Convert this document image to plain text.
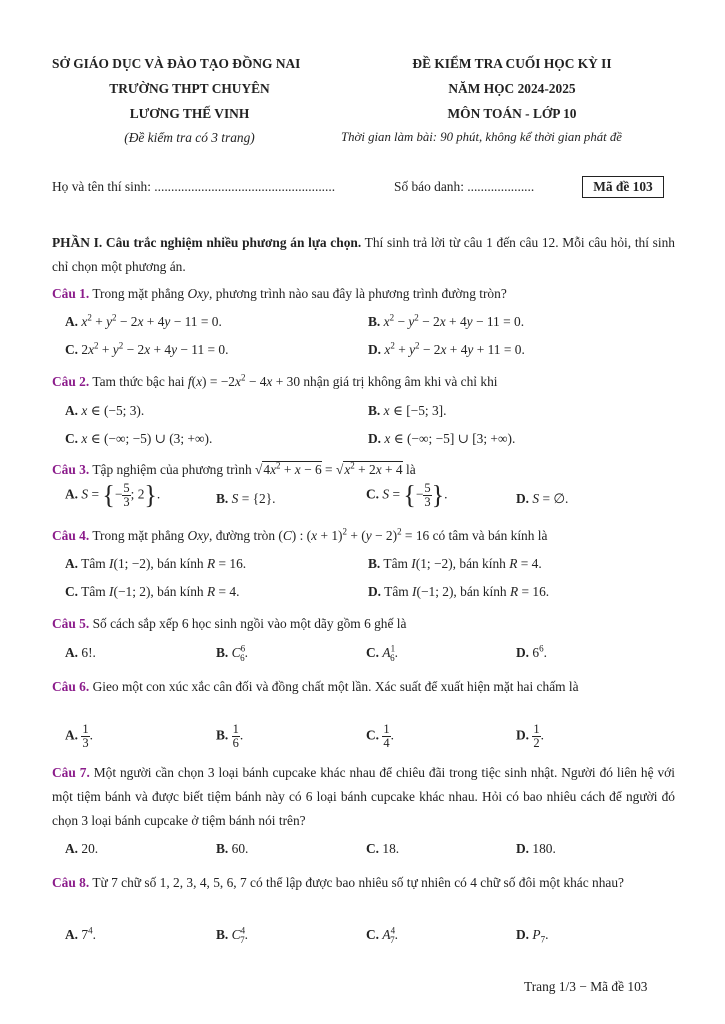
SỞ GIÁO DỤC VÀ ĐÀO TẠO ĐỒNG NAI
TRƯỜNG THPT CHUYÊN
LƯƠNG THẾ VINH
(Đề kiểm tra có 3 trang)
ĐỀ KIỂM TRA CUỐI HỌC KỲ II
NĂM HỌC 2024-2025
MÔN TOÁN - LỚP 10
Thời gian làm bài: 90 phút, không kể thời gian phát đề
Họ và tên thí sinh: ......................................................	Số báo danh: ....................	Mã đề 103
PHẦN I. Câu trắc nghiệm nhiều phương án lựa chọn. Thí sinh trả lời từ câu 1 đến câu 12. Mỗi câu hỏi, thí sinh chỉ chọn một phương án.
Câu 1. Trong mặt phẳng Oxy, phương trình nào sau đây là phương trình đường tròn?
A. $x^2 + y^2 - 2x + 4y - 11 = 0$.	B. $x^2 - y^2 - 2x + 4y - 11 = 0$.
C. $2x^2 + y^2 - 2x + 4y - 11 = 0$.	D. $x^2 + y^2 - 2x + 4y + 11 = 0$.
Câu 2. Tam thức bậc hai $f(x) = -2x^2 - 4x + 30$ nhận giá trị không âm khi và chỉ khi
A. x ∈ (−5; 3).	B. x ∈ [−5; 3].
C. x ∈ (−∞; −5) ∪ (3; +∞).	D. x ∈ (−∞; −5] ∪ [3; +∞).
Câu 3. Tập nghiệm của phương trình $√4x^2 + x - 6 = √x^2 + 2x + 4$ là
A. S = {− $\frac{5}{3}$ ; 2}.	B. S = {2}.	C. S = {− $\frac{5}{3}$ }.	D. S = ∅.
Câu 4. Trong mặt phẳng Oxy, đường tròn (C) : $(x + 1)^2 + (y - 2)^2 = 16$ có tâm và bán kính là
A. Tâm I(1; −2), bán kính R = 16.	B. Tâm I(1; −2), bán kính R = 4.
C. Tâm I(−1; 2), bán kính R = 4.	D. Tâm I(−1; 2), bán kính R = 16.
Câu 5. Số cách sắp xếp 6 học sinh ngồi vào một dãy gồm 6 ghế là
A. 6!.	B. $C^6_6$.	C. $A^1_6$.	D. $6^6$.
Câu 6. Gieo một con xúc xắc cân đối và đồng chất một lần. Xác suất để xuất hiện mặt hai chấm là
A. $\frac{1}{3}$ .	B. $\frac{1}{6}$ .	C. $\frac{1}{4}$ .	D. $\frac{1}{2}$ .
Câu 7. Một người cần chọn 3 loại bánh cupcake khác nhau để chiêu đãi trong tiệc sinh nhật. Người đó liên hệ với một tiệm bánh và được biết tiệm bánh này có 6 loại bánh cupcake khác nhau. Hỏi có bao nhiêu cách để người đó chọn 3 loại bánh cupcake ở tiệm bánh nói trên?
A. 20.	B. 60.	C. 18.	D. 180.
Câu 8. Từ 7 chữ số 1, 2, 3, 4, 5, 6, 7 có thể lập được bao nhiêu số tự nhiên có 4 chữ số đôi một khác nhau?
A. $7^4$.	B. $C^4_7$.	C. $A^4_7$.	D. $P_7$.
Trang 1/3 − Mã đề 103
